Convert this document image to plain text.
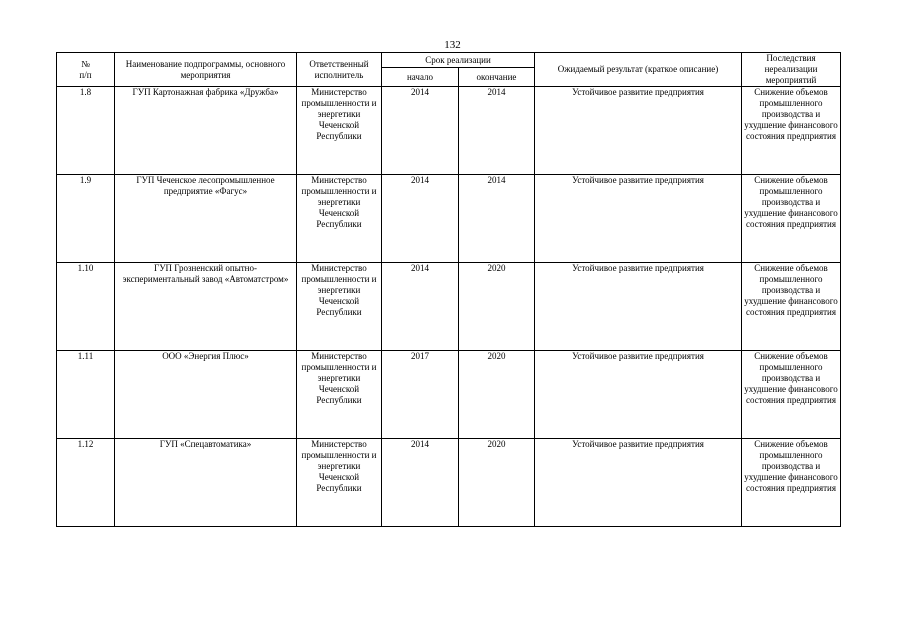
132
№
п/п	Наименование подпрограммы, основного мероприятия	Ответственный исполнитель	Срок реализации		Ожидаемый результат (краткое описание)	Последствия нереализации мероприятий
			начало	окончание		
1.8	ГУП Картонажная фабрика «Дружба»	Министерство промышленности и энергетики Чеченской Республики	2014	2014	Устойчивое развитие предприятия	Снижение объемов промышленного производства и ухудшение финансового состояния предприятия
1.9	ГУП Чеченское лесопромышленное предприятие «Фагус»	Министерство промышленности и энергетики Чеченской Республики	2014	2014	Устойчивое развитие предприятия	Снижение объемов промышленного производства и ухудшение финансового состояния предприятия
1.10	ГУП Грозненский опытно-экспериментальный завод «Автоматстром»	Министерство промышленности и энергетики Чеченской Республики	2014	2020	Устойчивое развитие предприятия	Снижение объемов промышленного производства и ухудшение финансового состояния предприятия
1.11	ООО «Энергия Плюс»	Министерство промышленности и энергетики Чеченской Республики	2017	2020	Устойчивое развитие предприятия	Снижение объемов промышленного производства и ухудшение финансового состояния предприятия
1.12	ГУП «Спецавтоматика»	Министерство промышленности и энергетики Чеченской Республики	2014	2020	Устойчивое развитие предприятия	Снижение объемов промышленного производства и ухудшение финансового состояния предприятия
